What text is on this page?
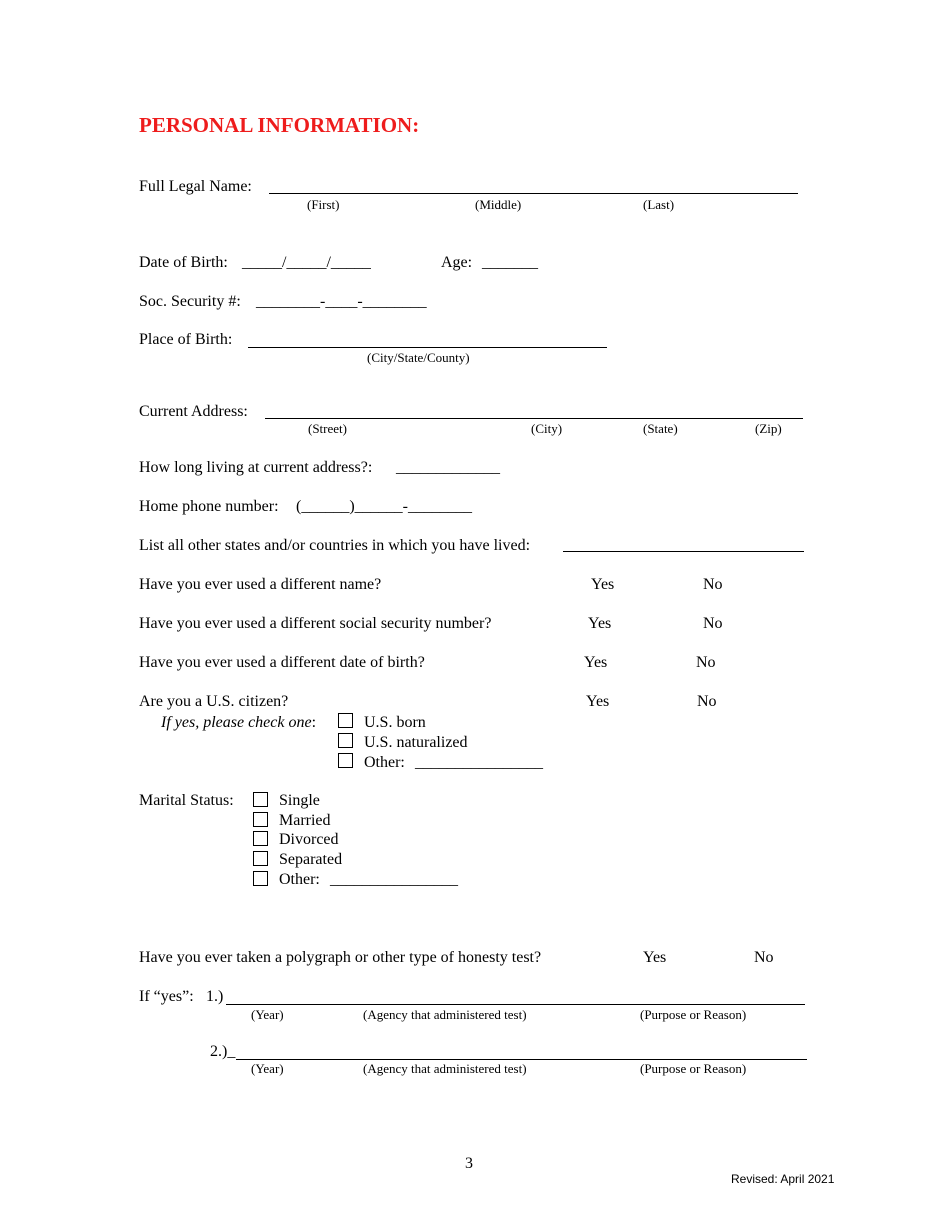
PERSONAL INFORMATION:
Full Legal Name:
(First)	(Middle)	(Last)
Date of Birth: _____/_____/_____	Age: _______
Soc. Security #: ________-____-________
Place of Birth:
(City/State/County)
Current Address:
(Street)	(City)	(State)	(Zip)
How long living at current address?: _____________
Home phone number: (______)______-________
List all other states and/or countries in which you have lived:
Have you ever used a different name?	Yes	No
Have you ever used a different social security number?	Yes	No
Have you ever used a different date of birth?	Yes	No
Are you a U.S. citizen?	Yes	No
If yes, please check one:	U.S. born
U.S. naturalized
Other: ________________
Marital Status:	Single
Married
Divorced
Separated
Other: ________________
Have you ever taken a polygraph or other type of honesty test?	Yes	No
If “yes”: 1.)
(Year)	(Agency that administered test)	(Purpose or Reason)
2.)_
(Year)	(Agency that administered test)	(Purpose or Reason)
3
Revised: April 2021
